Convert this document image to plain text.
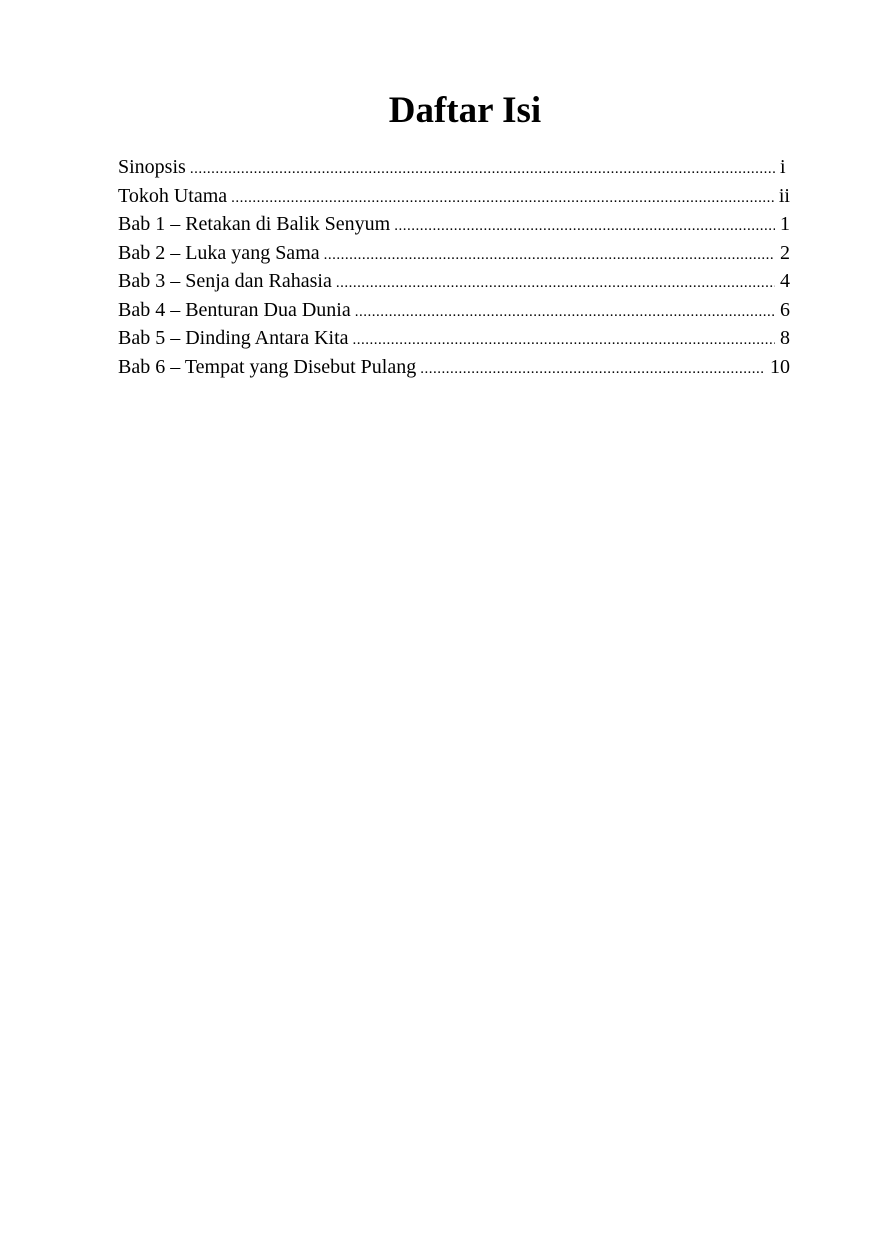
Daftar Isi
Sinopsis .....	i
Tokoh Utama .....	ii
Bab 1 – Retakan di Balik Senyum .....	1
Bab 2 – Luka yang Sama .....	2
Bab 3 – Senja dan Rahasia .....	4
Bab 4 – Benturan Dua Dunia .....	6
Bab 5 – Dinding Antara Kita .....	8
Bab 6 – Tempat yang Disebut Pulang .....	10
